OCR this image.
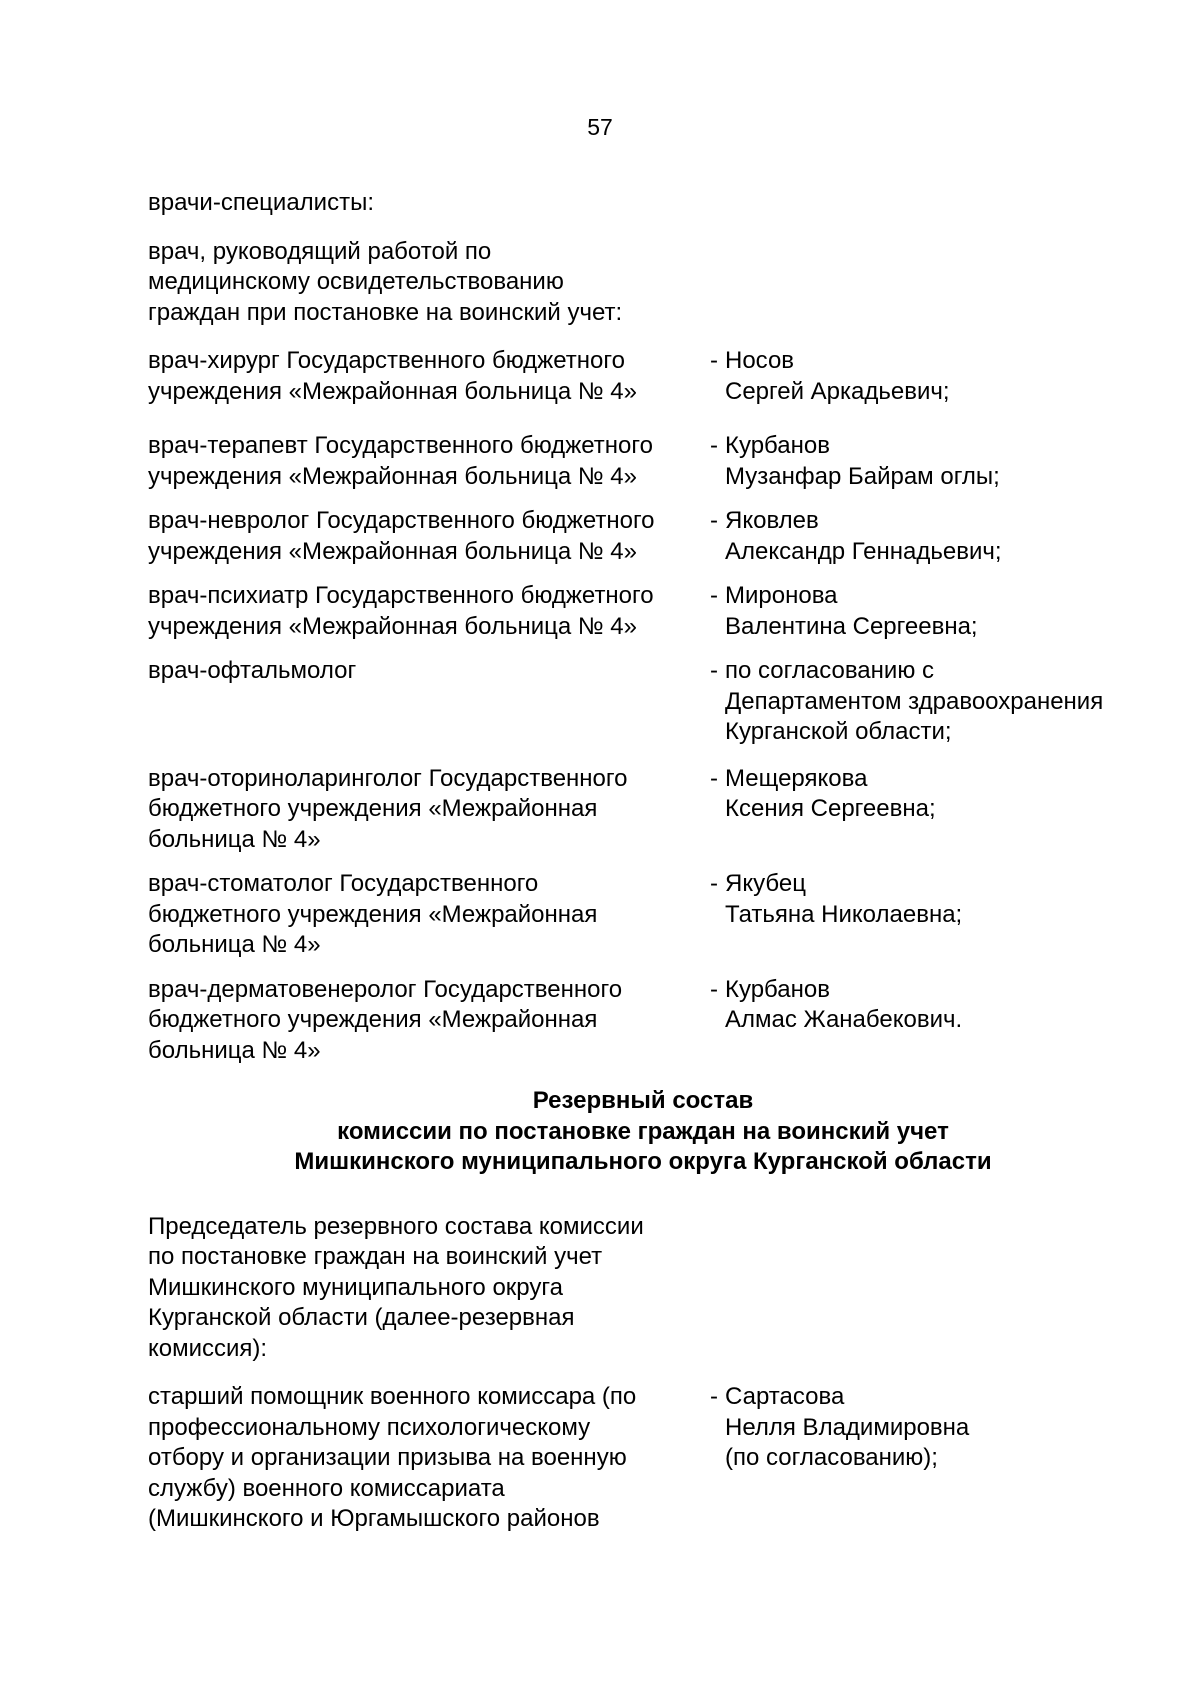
57

врачи-специалисты:

врач, руководящий работой по
медицинскому освидетельствованию
граждан при постановке на воинский учет:

врач-хирург Государственного бюджетного
учреждения «Межрайонная больница № 4»
- Носов
Сергей Аркадьевич;
врач-терапевт Государственного бюджетного
учреждения «Межрайонная больница № 4»
- Курбанов
Музанфар Байрам оглы;
врач-невролог Государственного бюджетного
учреждения «Межрайонная больница № 4»
- Яковлев
Александр Геннадьевич;
врач-психиатр Государственного бюджетного
учреждения «Межрайонная больница № 4»
- Миронова
Валентина Сергеевна;
врач-офтальмолог	- по согласованию с
Департаментом здравоохранения
Курганской области;
врач-оториноларинголог Государственного
бюджетного учреждения «Межрайонная
больница № 4»
- Мещерякова
Ксения Сергеевна;
врач-стоматолог Государственного
бюджетного учреждения «Межрайонная
больница № 4»
- Якубец
Татьяна Николаевна;
врач-дерматовенеролог Государственного
бюджетного учреждения «Межрайонная
больница № 4»
- Курбанов
Алмас Жанабекович.
Резервный состав
комиссии по постановке граждан на воинский учет
Мишкинского муниципального округа Курганской области
Председатель резервного состава комиссии
по постановке граждан на воинский учет
Мишкинского муниципального округа
Курганской области (далее-резервная
комиссия):
старший помощник военного комиссара (по
профессиональному психологическому
отбору и организации призыва на военную
службу) военного комиссариата
(Мишкинского и Юргамышского районов
- Сартасова
Нелля Владимировна
(по согласованию);
